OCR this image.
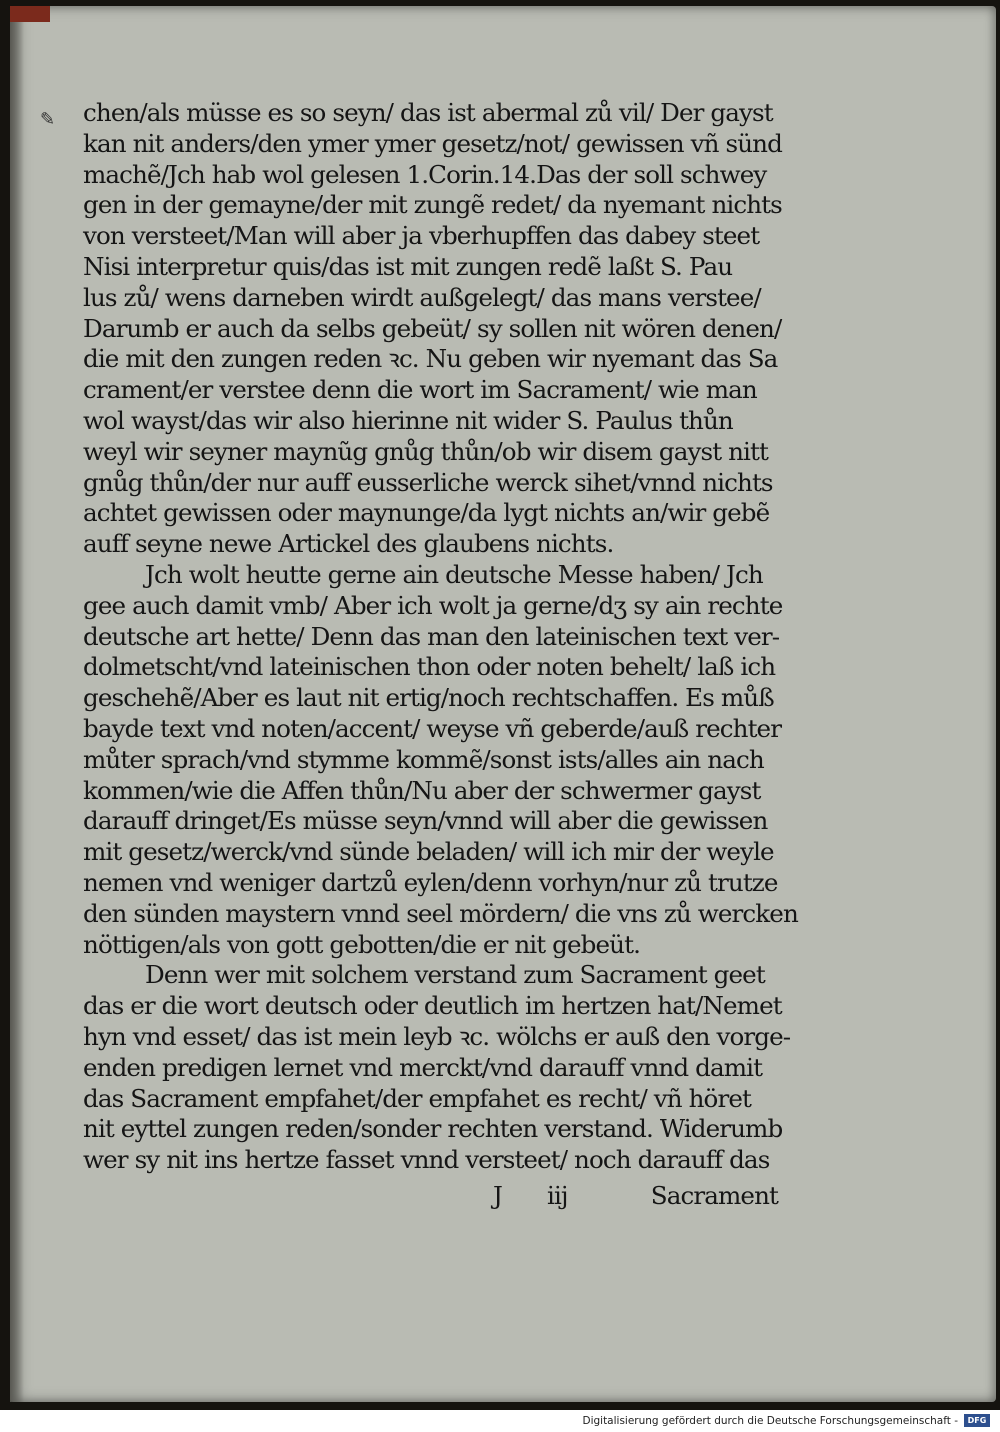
✎ chen/als müsse es so seyn/ das ist abermal zů vil/ Der gayst
kan nit anders/den ymer ymer gesetz/not/ gewissen vñ sünd
machẽ/Jch hab wol gelesen 1.Corin.14.Das der soll schwey
gen in der gemayne/der mit zungẽ redet/ da nyemant nichts
von versteet/Man will aber ja vberhupffen das dabey steet
Nisi interpretur quis/das ist mit zungen redẽ laßt S. Pau
lus zů/ wens darneben wirdt außgelegt/ das mans verstee/
Darumb er auch da selbs gebeüt/ sy sollen nit wören denen/
die mit den zungen reden ꝛc. Nu geben wir nyemant das Sa
crament/er verstee denn die wort im Sacrament/ wie man
wol wayst/das wir also hierinne nit wider S. Paulus thůn
weyl wir seyner maynũg gnůg thůn/ob wir disem gayst nitt
gnůg thůn/der nur auff eusserliche werck sihet/vnnd nichts
achtet gewissen oder maynunge/da lygt nichts an/wir gebẽ
auff seyne newe Artickel des glaubens nichts.
Jch wolt heutte gerne ain deutsche Messe haben/ Jch
gee auch damit vmb/ Aber ich wolt ja gerne/dʒ sy ain rechte
deutsche art hette/ Denn das man den lateinischen text ver-
dolmetscht/vnd lateinischen thon oder noten behelt/ laß ich
geschehẽ/Aber es laut nit ertig/noch rechtschaffen. Es můß
bayde text vnd noten/accent/ weyse vñ geberde/auß rechter
můter sprach/vnd stymme kommẽ/sonst ists/alles ain nach
kommen/wie die Affen thůn/Nu aber der schwermer gayst
darauff dringet/Es müsse seyn/vnnd will aber die gewissen
mit gesetz/werck/vnd sünde beladen/ will ich mir der weyle
nemen vnd weniger dartzů eylen/denn vorhyn/nur zů trutze
den sünden maystern vnnd seel mördern/ die vns zů wercken
nöttigen/als von gott gebotten/die er nit gebeüt.
Denn wer mit solchem verstand zum Sacrament geet
das er die wort deutsch oder deutlich im hertzen hat/Nemet
hyn vnd esset/ das ist mein leyb ꝛc. wölchs er auß den vorge-
enden predigen lernet vnd merckt/vnd darauff vnnd damit
das Sacrament empfahet/der empfahet es recht/ vñ höret
nit eyttel zungen reden/sonder rechten verstand. Widerumb
wer sy nit ins hertze fasset vnnd versteet/ noch darauff das
J iij	Sacrament
Digitalisierung gefördert durch die Deutsche Forschungsgemeinschaft -	DFG
